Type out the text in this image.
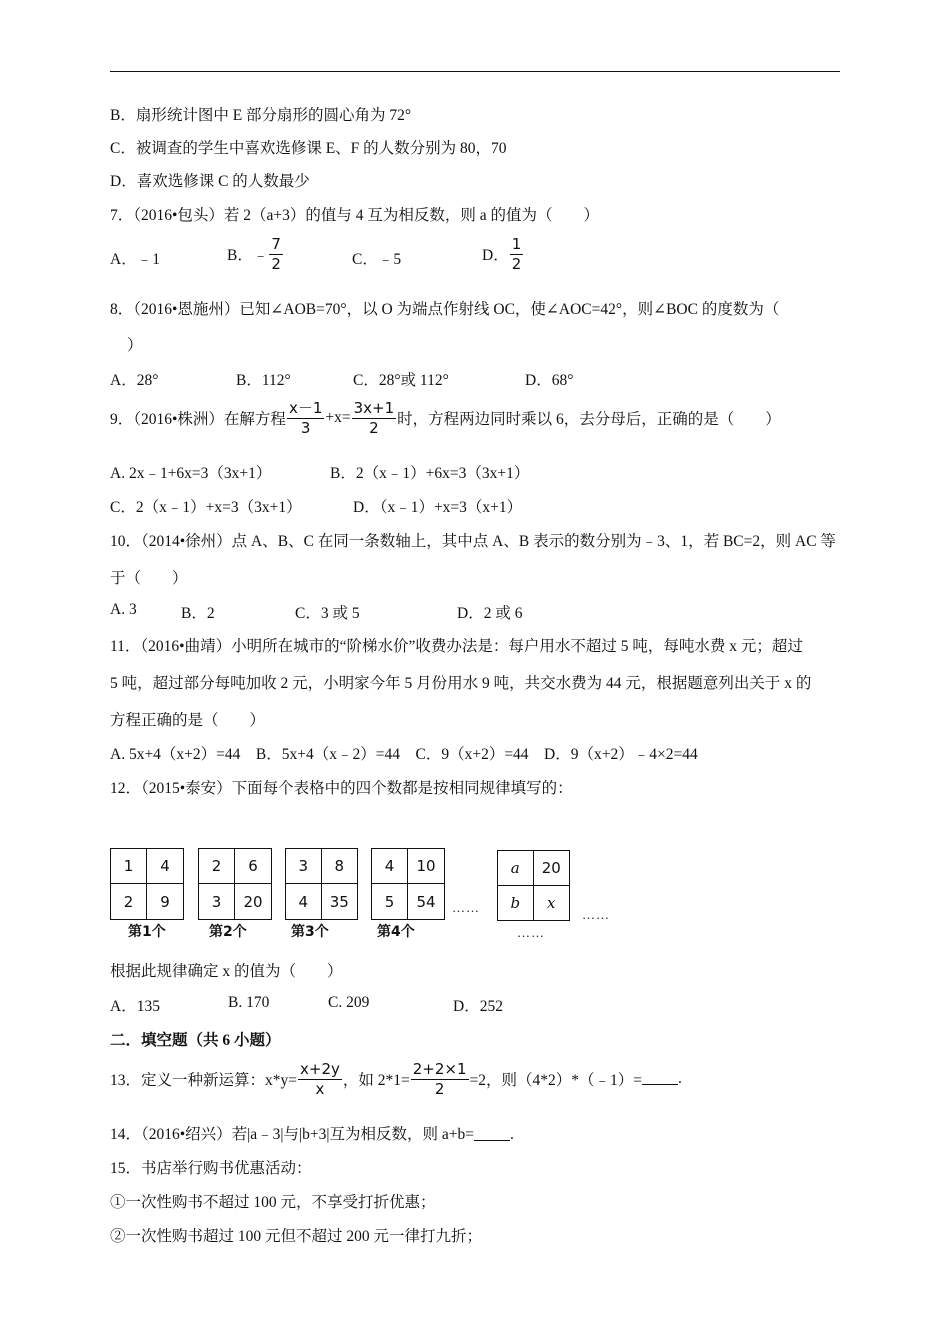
B．扇形统计图中 E 部分扇形的圆心角为 72°
C．被调查的学生中喜欢选修课 E、F 的人数分别为 80，70
D．喜欢选修课 C 的人数最少
7．（2016•包头）若 2（a+3）的值与 4 互为相反数，则 a 的值为（　　）
A．﹣1	B．﹣ $\frac{7}{2}$	C．﹣5	D． $\frac{1}{2}$
8．（2016•恩施州）已知∠AOB=70°，以 O 为端点作射线 OC，使∠AOC=42°，则∠BOC 的度数为（
）
A．28°	B．112°	C．28°或 112°	D．68°
9．（2016•株洲）在解方程 $\frac{x-1}{3} +x= \frac{3x+1}{2}$ 时，方程两边同时乘以 6，去分母后，正确的是（　　）
A. 2x﹣1+6x=3（3x+1）	B．2（x﹣1）+6x=3（3x+1）
C．2（x﹣1）+x=3（3x+1）	D．（x﹣1）+x=3（x+1）
10．（2014•徐州）点 A、B、C 在同一条数轴上，其中点 A、B 表示的数分别为﹣3、1，若 BC=2，则 AC 等
于（　　）
A. 3	B．2	C．3 或 5	D．2 或 6
11．（2016•曲靖）小明所在城市的“阶梯水价”收费办法是：每户用水不超过 5 吨，每吨水费 x 元；超过
5 吨，超过部分每吨加收 2 元，小明家今年 5 月份用水 9 吨，共交水费为 44 元，根据题意列出关于 x 的
方程正确的是（　　）
A. 5x+4（x+2）=44　B．5x+4（x﹣2）=44　C．9（x+2）=44　D．9（x+2）﹣4×2=44
12．（2015•泰安）下面每个表格中的四个数都是按相同规律填写的：
1	4
2	9
第1个
2	6
3	20
第2个
3	8
4	35
第3个
4	10
5	54
第4个
……
a	20
b	x
……
……
根据此规律确定 x 的值为（　　）
A．135	B. 170	C. 209	D．252
二．填空题（共 6 小题）
13．定义一种新运算：$x*y= \frac{x+2y}{x}$ ，如 $2*1= \frac{2+2\times 1}{2} =2$，则（4*2）*（﹣1）= .
14．（2016•绍兴）若|a﹣3|与|b+3|互为相反数，则 a+b= .
15．书店举行购书优惠活动：
①一次性购书不超过 100 元，不享受打折优惠；
②一次性购书超过 100 元但不超过 200 元一律打九折；
